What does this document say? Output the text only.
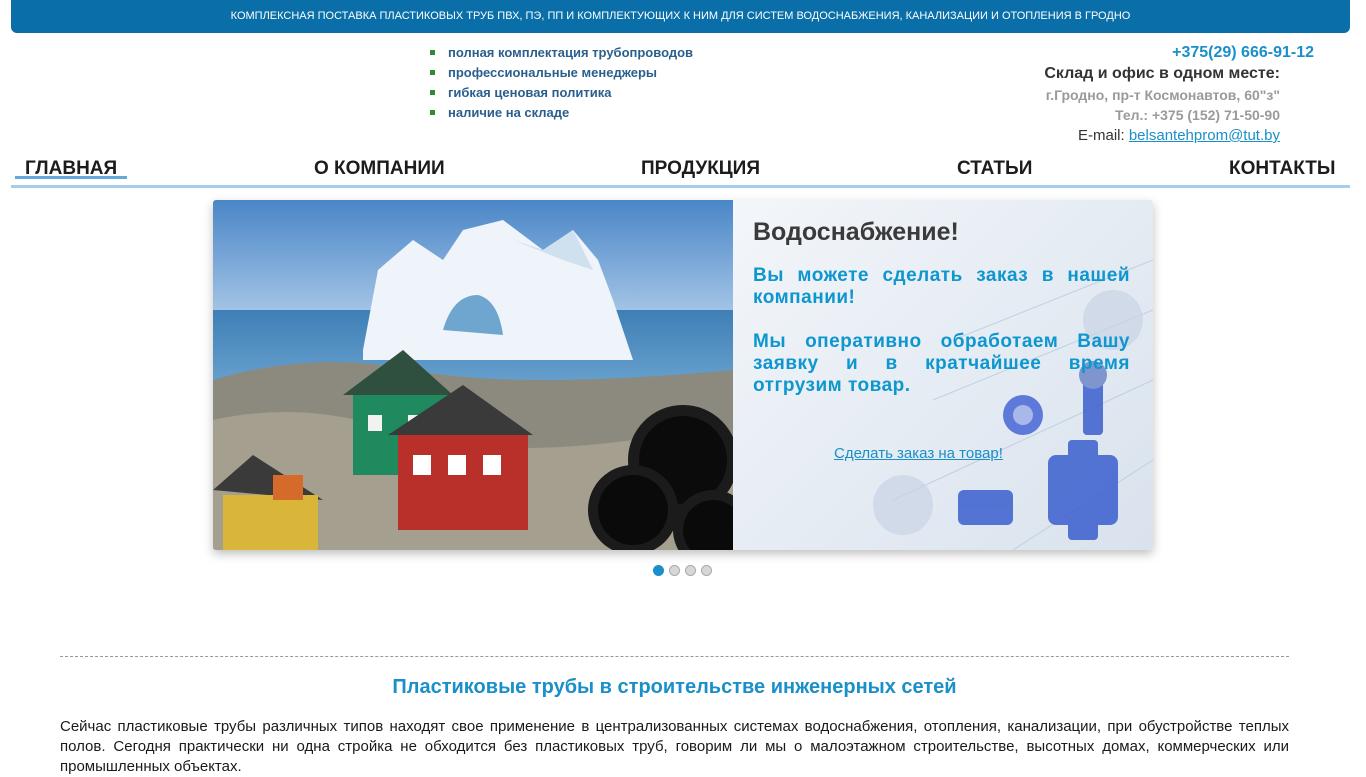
КОМПЛЕКСНАЯ ПОСТАВКА ПЛАСТИКОВЫХ ТРУБ ПВХ, ПЭ, ПП И КОМПЛЕКТУЮЩИХ К НИМ ДЛЯ СИСТЕМ ВОДОСНАБЖЕНИЯ, КАНАЛИЗАЦИИ И ОТОПЛЕНИЯ В ГРОДНО
полная комплектация трубопроводов
профессиональные менеджеры
гибкая ценовая политика
наличие на складе
+375(29) 666-91-12
Склад и офис в одном месте:
г.Гродно, пр-т Космонавтов, 60"з"
Тел.: +375 (152) 71-50-90
E-mail: belsantehprom@tut.by
ГЛАВНАЯ	О КОМПАНИИ	ПРОДУКЦИЯ	СТАТЬИ	КОНТАКТЫ
Водоснабжение!
Вы можете сделать заказ в нашей компании!
Мы оперативно обработаем Вашу заявку и в кратчайшее время отгрузим товар.
Сделать заказ на товар!
Пластиковые трубы в строительстве инженерных сетей

Сейчас пластиковые трубы различных типов находят свое применение в централизованных системах водоснабжения, отопления, канализации, при обустройстве теплых полов. Сегодня практически ни одна стройка не обходится без пластиковых труб, говорим ли мы о малоэтажном строительстве, высотных домах, коммерческих или промышленных объектах.
